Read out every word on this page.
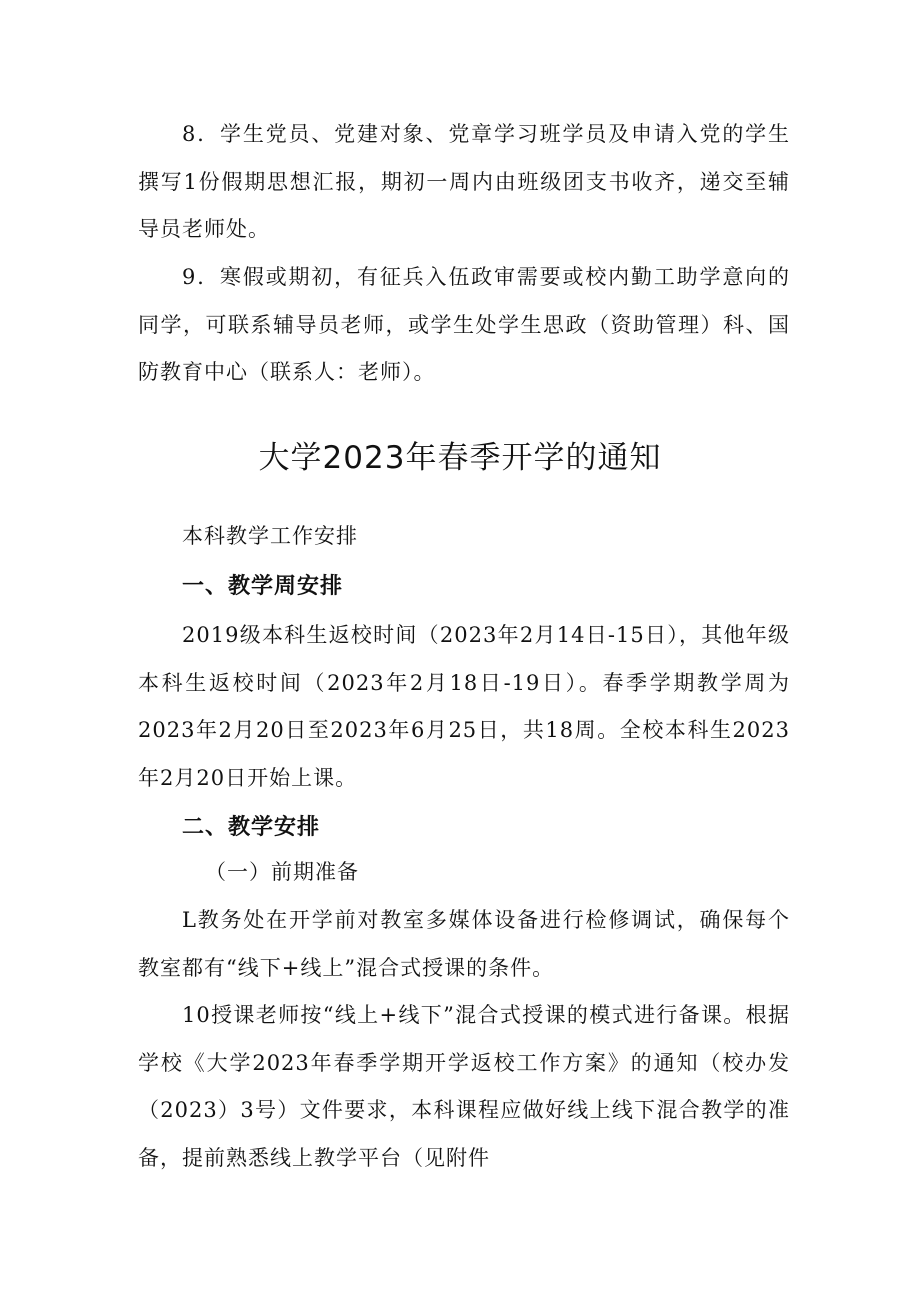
8．学生党员、党建对象、党章学习班学员及申请入党的学生撰写1份假期思想汇报，期初一周内由班级团支书收齐，递交至辅导员老师处。

9．寒假或期初，有征兵入伍政审需要或校内勤工助学意向的同学，可联系辅导员老师，或学生处学生思政（资助管理）科、国防教育中心（联系人：老师）。

大学2023年春季开学的通知

本科教学工作安排

一、教学周安排

2019级本科生返校时间（2023年2月14日-15日），其他年级本科生返校时间（2023年2月18日-19日）。春季学期教学周为2023年2月20日至2023年6月25日，共18周。全校本科生2023年2月20日开始上课。

二、教学安排

（一）前期准备

L教务处在开学前对教室多媒体设备进行检修调试，确保每个教室都有“线下+线上”混合式授课的条件。

10授课老师按“线上+线下”混合式授课的模式进行备课。根据学校《大学2023年春季学期开学返校工作方案》的通知（校办发（2023）3号）文件要求，本科课程应做好线上线下混合教学的准备，提前熟悉线上教学平台（见附件
